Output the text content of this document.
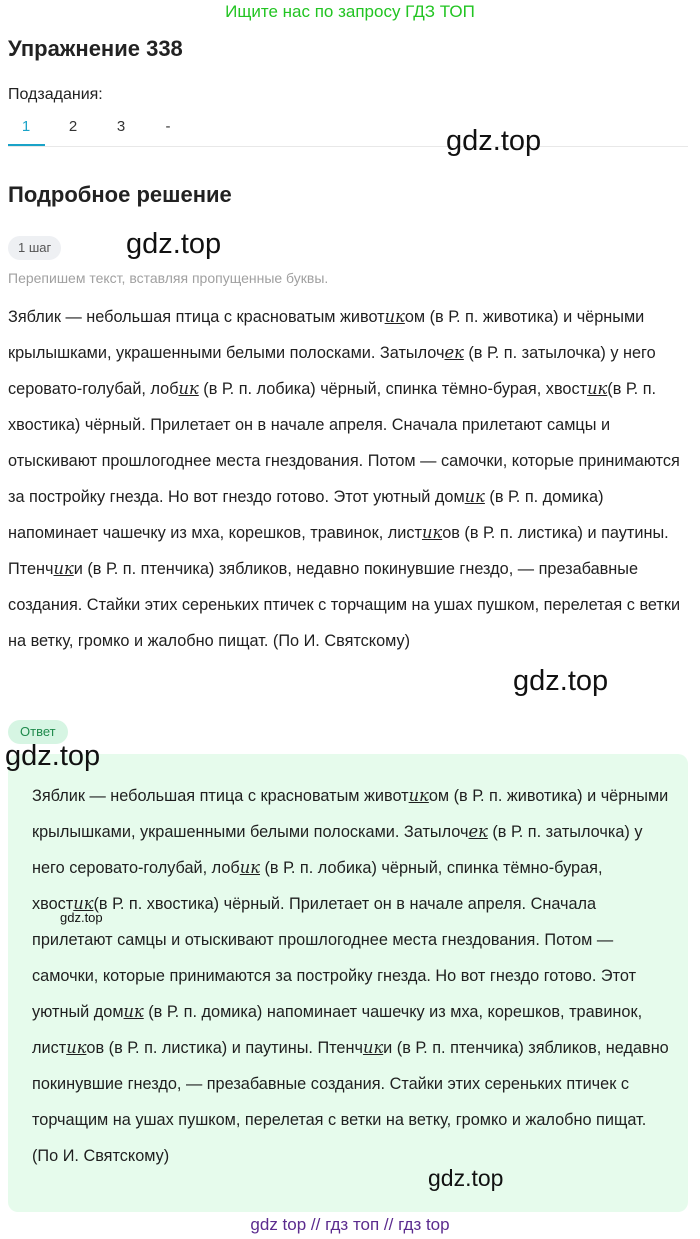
Ищите нас по запросу ГДЗ ТОП
Упражнение 338
Подзадания:
1	2	3	-	gdz.top
Подробное решение
1 шаг	gdz.top
Перепишем текст, вставляя пропущенные буквы.
Зяблик — небольшая птица с красноватым животиком (в Р. п. животика) и чёрными крылышками, украшенными белыми полосками. Затылочек (в Р. п. затылочка) у него серовато-голубай, лобик (в Р. п. лобика) чёрный, спинка тёмно-бурая, хвостик(в Р. п. хвостика) чёрный. Прилетает он в начале апреля. Сначала прилетают самцы и отыскивают прошлогоднее места гнездования. Потом — самочки, которые принимаются за постройку гнезда. Но вот гнездо готово. Этот уютный домик (в Р. п. домика) напоминает чашечку из мха, корешков, травинок, листиков (в Р. п. листика) и паутины. Птенчики (в Р. п. птенчика) зябликов, недавно покинувшие гнездо, — презабавные создания. Стайки этих сереньких птичек с торчащим на ушах пушком, перелетая с ветки на ветку, громко и жалобно пищат. (По И. Святскому)
gdz.top
Ответ
Зяблик — небольшая птица с красноватым животиком (в Р. п. животика) и чёрными крылышками, украшенными белыми полосками. Затылочек (в Р. п. затылочка) у него серовато-голубай, лобик (в Р. п. лобика) чёрный, спинка тёмно-бурая, хвостик(в Р. п. хвостика) чёрный. Прилетает он в начале апреля. Сначала прилетают самцы и отыскивают прошлогоднее места гнездования. Потом — самочки, которые принимаются за постройку гнезда. Но вот гнездо готово. Этот уютный домик (в Р. п. домика) напоминает чашечку из мха, корешков, травинок, листиков (в Р. п. листика) и паутины. Птенчики (в Р. п. птенчика) зябликов, недавно покинувшие гнездо, — презабавные создания. Стайки этих сереньких птичек с торчащим на ушах пушком, перелетая с ветки на ветку, громко и жалобно пищат. (По И. Святскому)
gdz.top
gdz.top
gdz.top
gdz top // гдз топ // гдз top
